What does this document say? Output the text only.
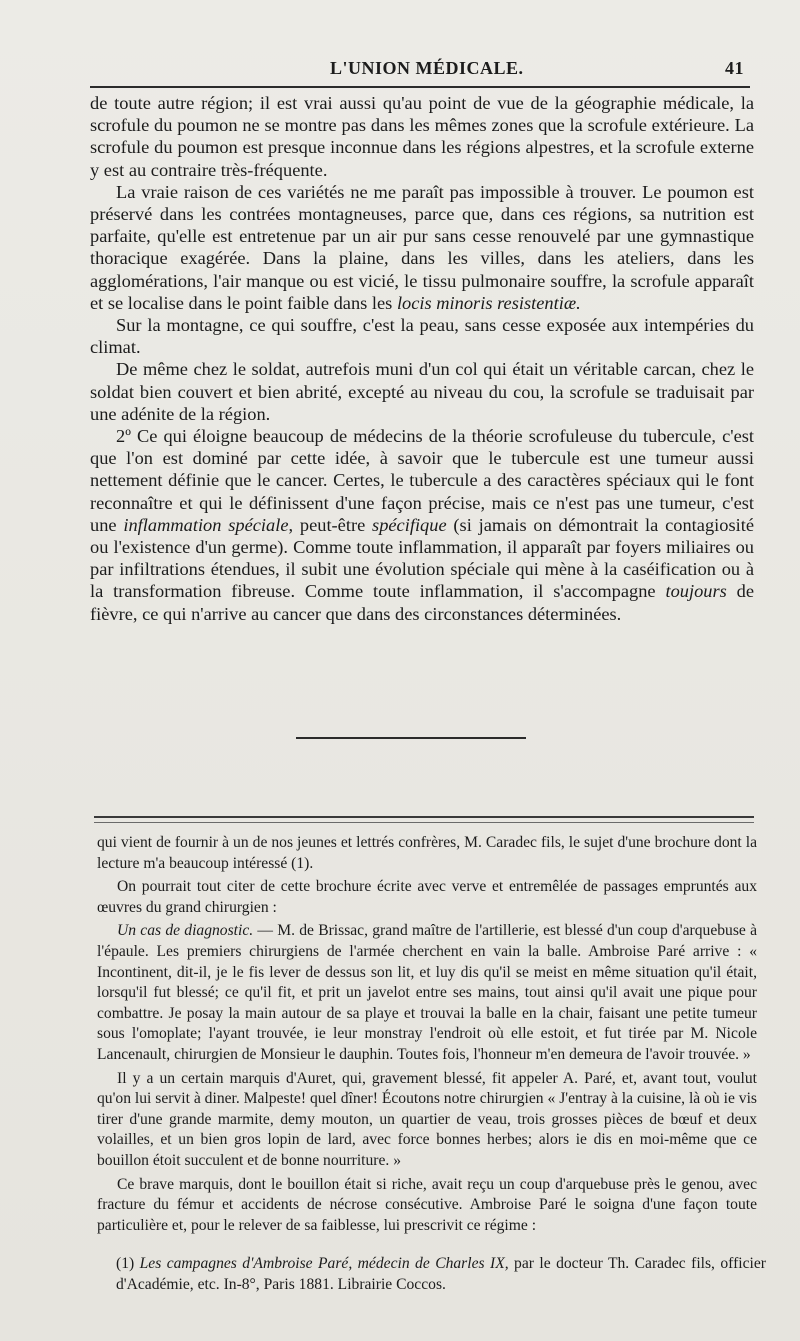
L'UNION MÉDICALE.	41

de toute autre région; il est vrai aussi qu'au point de vue de la géographie médicale, la scrofule du poumon ne se montre pas dans les mêmes zones que la scrofule extérieure. La scrofule du poumon est presque inconnue dans les régions alpestres, et la scrofule externe y est au contraire très-fréquente.

La vraie raison de ces variétés ne me paraît pas impossible à trouver. Le poumon est préservé dans les contrées montagneuses, parce que, dans ces régions, sa nutrition est parfaite, qu'elle est entretenue par un air pur sans cesse renouvelé par une gymnastique thoracique exagérée. Dans la plaine, dans les villes, dans les ateliers, dans les agglomérations, l'air manque ou est vicié, le tissu pulmonaire souffre, la scrofule apparaît et se localise dans le point faible dans les locis minoris resistentiæ.

Sur la montagne, ce qui souffre, c'est la peau, sans cesse exposée aux intempéries du climat.

De même chez le soldat, autrefois muni d'un col qui était un véritable carcan, chez le soldat bien couvert et bien abrité, excepté au niveau du cou, la scrofule se traduisait par une adénite de la région.

2º Ce qui éloigne beaucoup de médecins de la théorie scrofuleuse du tubercule, c'est que l'on est dominé par cette idée, à savoir que le tubercule est une tumeur aussi nettement définie que le cancer. Certes, le tubercule a des caractères spéciaux qui le font reconnaître et qui le définissent d'une façon précise, mais ce n'est pas une tumeur, c'est une inflammation spéciale, peut-être spécifique (si jamais on démontrait la contagiosité ou l'existence d'un germe). Comme toute inflammation, il apparaît par foyers miliaires ou par infiltrations étendues, il subit une évolution spéciale qui mène à la caséification ou à la transformation fibreuse. Comme toute inflammation, il s'accompagne toujours de fièvre, ce qui n'arrive au cancer que dans des circonstances déterminées.

qui vient de fournir à un de nos jeunes et lettrés confrères, M. Caradec fils, le sujet d'une brochure dont la lecture m'a beaucoup intéressé (1).

On pourrait tout citer de cette brochure écrite avec verve et entremêlée de passages empruntés aux œuvres du grand chirurgien :

Un cas de diagnostic. — M. de Brissac, grand maître de l'artillerie, est blessé d'un coup d'arquebuse à l'épaule. Les premiers chirurgiens de l'armée cherchent en vain la balle. Ambroise Paré arrive : « Incontinent, dit-il, je le fis lever de dessus son lit, et luy dis qu'il se meist en même situation qu'il était, lorsqu'il fut blessé; ce qu'il fit, et prit un javelot entre ses mains, tout ainsi qu'il avait une pique pour combattre. Je posay la main autour de sa playe et trouvai la balle en la chair, faisant une petite tumeur sous l'omoplate; l'ayant trouvée, ie leur monstray l'endroit où elle estoit, et fut tirée par M. Nicole Lancenault, chirurgien de Monsieur le dauphin. Toutes fois, l'honneur m'en demeura de l'avoir trouvée. »

Il y a un certain marquis d'Auret, qui, gravement blessé, fit appeler A. Paré, et, avant tout, voulut qu'on lui servit à diner. Malpeste! quel dîner! Écoutons notre chirurgien « J'entray à la cuisine, là où ie vis tirer d'une grande marmite, demy mouton, un quartier de veau, trois grosses pièces de bœuf et deux volailles, et un bien gros lopin de lard, avec force bonnes herbes; alors ie dis en moi-même que ce bouillon étoit succulent et de bonne nourriture. »

Ce brave marquis, dont le bouillon était si riche, avait reçu un coup d'arquebuse près le genou, avec fracture du fémur et accidents de nécrose consécutive. Ambroise Paré le soigna d'une façon toute particulière et, pour le relever de sa faiblesse, lui prescrivit ce régime :

(1) Les campagnes d'Ambroise Paré, médecin de Charles IX, par le docteur Th. Caradec fils, officier d'Académie, etc. In-8°, Paris 1881. Librairie Coccos.
